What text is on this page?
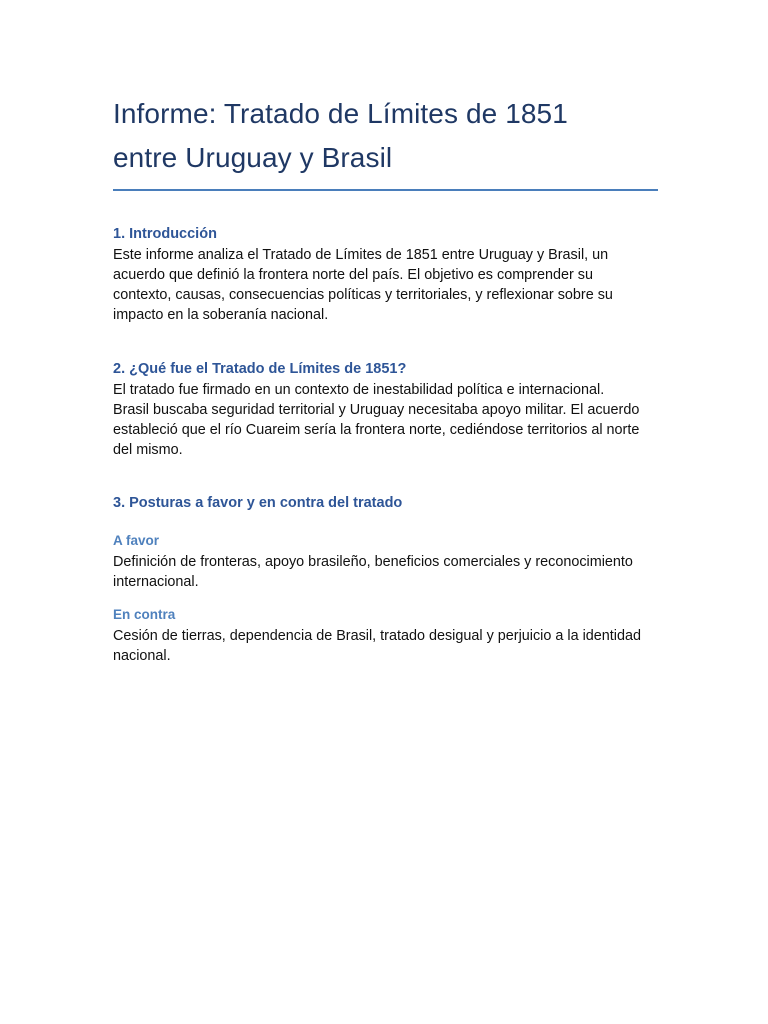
Informe: Tratado de Límites de 1851
entre Uruguay y Brasil
1. Introducción

Este informe analiza el Tratado de Límites de 1851 entre Uruguay y Brasil, un acuerdo que definió la frontera norte del país. El objetivo es comprender su contexto, causas, consecuencias políticas y territoriales, y reflexionar sobre su impacto en la soberanía nacional.

2. ¿Qué fue el Tratado de Límites de 1851?

El tratado fue firmado en un contexto de inestabilidad política e internacional. Brasil buscaba seguridad territorial y Uruguay necesitaba apoyo militar. El acuerdo estableció que el río Cuareim sería la frontera norte, cediéndose territorios al norte del mismo.

3. Posturas a favor y en contra del tratado
A favor

Definición de fronteras, apoyo brasileño, beneficios comerciales y reconocimiento internacional.

En contra

Cesión de tierras, dependencia de Brasil, tratado desigual y perjuicio a la identidad nacional.
